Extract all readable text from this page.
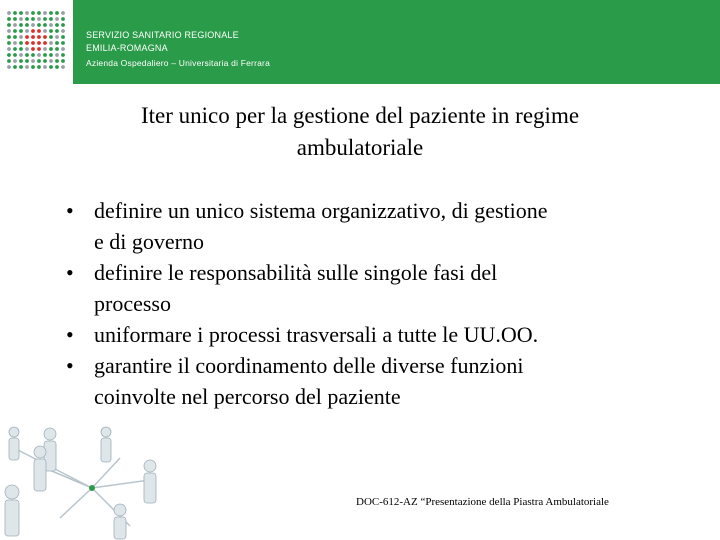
SERVIZIO SANITARIO REGIONALE
EMILIA-ROMAGNA
Azienda Ospedaliero – Universitaria di Ferrara
Iter unico per la gestione del paziente in regime
ambulatoriale
• definire un unico sistema organizzativo, di gestione
e di governo
• definire le responsabilità sulle singole fasi del
processo
• uniformare i processi trasversali a tutte le UU.OO.
• garantire il coordinamento delle diverse funzioni
coinvolte nel percorso del paziente
DOC-612-AZ “Presentazione della Piastra Ambulatoriale
